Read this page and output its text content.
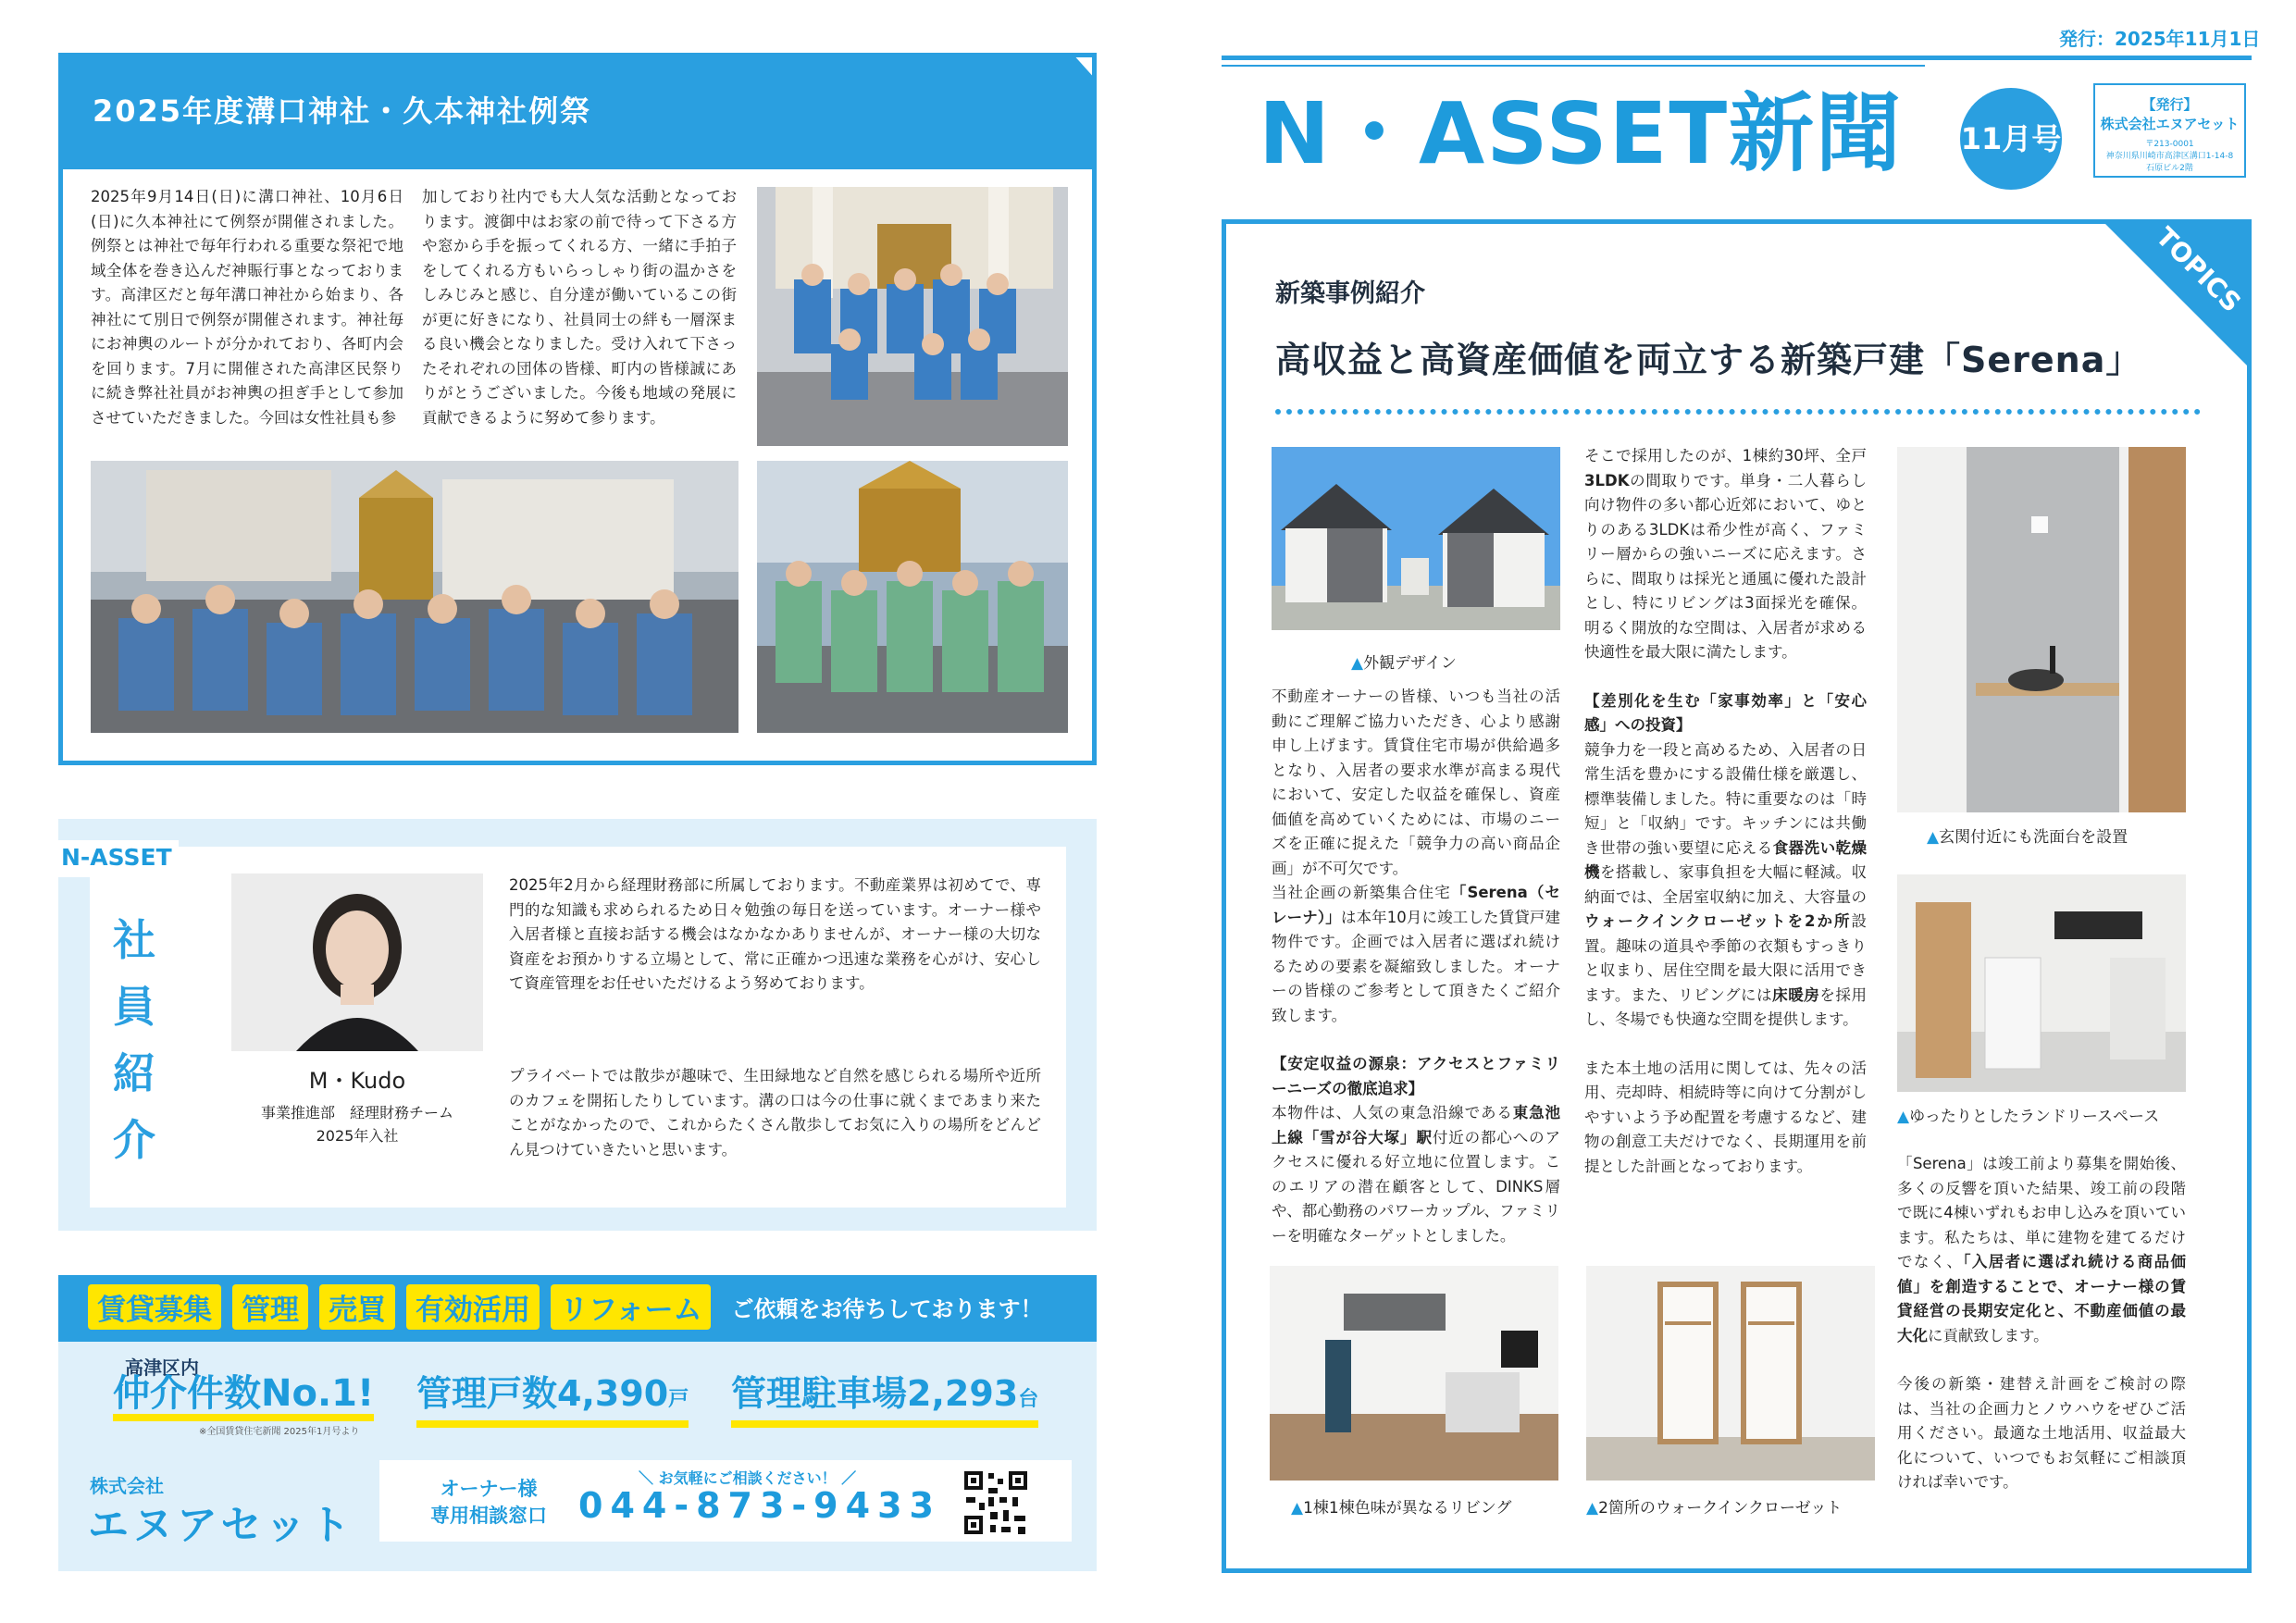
2025年度溝口神社・久本神社例祭
2025年9月14日(日)に溝口神社、10月6日(日)に久本神社にて例祭が開催されました。例祭とは神社で毎年行われる重要な祭祀で地域全体を巻き込んだ神賑行事となっております。高津区だと毎年溝口神社から始まり、各神社にて別日で例祭が開催されます。神社毎にお神輿のルートが分かれており、各町内会を回ります。7月に開催された高津区民祭りに続き弊社社員がお神輿の担ぎ手として参加させていただきました。今回は女性社員も参
加しており社内でも大人気な活動となっております。渡御中はお家の前で待って下さる方や窓から手を振ってくれる方、一緒に手拍子をしてくれる方もいらっしゃり街の温かさをしみじみと感じ、自分達が働いているこの街が更に好きになり、社員同士の絆も一層深まる良い機会となりました。受け入れて下さったそれぞれの団体の皆様、町内の皆様誠にありがとうございました。今後も地域の発展に貢献できるように努めて参ります。
N-ASSET
社
員
紹
介
M・Kudo
事業推進部　経理財務チーム
2025年入社
2025年2月から経理財務部に所属しております。不動産業界は初めてで、専門的な知識も求められるため日々勉強の毎日を送っています。オーナー様や入居者様と直接お話する機会はなかなかありませんが、オーナー様の大切な資産をお預かりする立場として、常に正確かつ迅速な業務を心がけ、安心して資産管理をお任せいただけるよう努めております。
プライベートでは散歩が趣味で、生田緑地など自然を感じられる場所や近所のカフェを開拓したりしています。溝の口は今の仕事に就くまであまり来たことがなかったので、これからたくさん散歩してお気に入りの場所をどんどん見つけていきたいと思います。
賃貸募集	管理	売買	有効活用	リフォーム	ご依頼をお待ちしております！
高津区内
仲介件数No.1!
※全国賃貸住宅新聞 2025年1月号より
管理戸数4,390戸 管理駐車場2,293台
株式会社
エヌアセット
オーナー様
専用相談窓口
＼ お気軽にご相談ください！ ／
044-873-9433
発行：2025年11月1日
N・ASSET新聞 11月号
【発行】
株式会社エヌアセット
〒213-0001
神奈川県川崎市高津区溝口1-14-8
石原ビル2階
TOPICS
新築事例紹介
高収益と高資産価値を両立する新築戸建「Serena」
▲外観デザイン
不動産オーナーの皆様、いつも当社の活動にご理解ご協力いただき、心より感謝申し上げます。賃貸住宅市場が供給過多となり、入居者の要求水準が高まる現代において、安定した収益を確保し、資産価値を高めていくためには、市場のニーズを正確に捉えた「競争力の高い商品企画」が不可欠です。
当社企画の新築集合住宅「Serena（セレーナ）」は本年10月に竣工した賃貸戸建物件です。企画では入居者に選ばれ続けるための要素を凝縮致しました。オーナーの皆様のご参考として頂きたくご紹介致します。
【安定収益の源泉：アクセスとファミリーニーズの徹底追求】
本物件は、人気の東急沿線である東急池上線「雪が谷大塚」駅付近の都心へのアクセスに優れる好立地に位置します。このエリアの潜在顧客として、DINKS層や、都心勤務のパワーカップル、ファミリーを明確なターゲットとしました。
そこで採用したのが、1棟約30坪、全戸3LDKの間取りです。単身・二人暮らし向け物件の多い都心近郊において、ゆとりのある3LDKは希少性が高く、ファミリー層からの強いニーズに応えます。さらに、間取りは採光と通風に優れた設計とし、特にリビングは3面採光を確保。明るく開放的な空間は、入居者が求める快適性を最大限に満たします。
【差別化を生む「家事効率」と「安心感」への投資】
競争力を一段と高めるため、入居者の日常生活を豊かにする設備仕様を厳選し、標準装備しました。特に重要なのは「時短」と「収納」です。キッチンには共働き世帯の強い要望に応える食器洗い乾燥機を搭載し、家事負担を大幅に軽減。収納面では、全居室収納に加え、大容量のウォークインクローゼットを2か所設置。趣味の道具や季節の衣類もすっきりと収まり、居住空間を最大限に活用できます。また、リビングには床暖房を採用し、冬場でも快適な空間を提供します。
また本土地の活用に関しては、先々の活用、売却時、相続時等に向けて分割がしやすいよう予め配置を考慮するなど、建物の創意工夫だけでなく、長期運用を前提とした計画となっております。
▲玄関付近にも洗面台を設置
▲ゆったりとしたランドリースペース
「Serena」は竣工前より募集を開始後、多くの反響を頂いた結果、竣工前の段階で既に4棟いずれもお申し込みを頂いています。私たちは、単に建物を建てるだけでなく、「入居者に選ばれ続ける商品価値」を創造することで、オーナー様の賃貸経営の長期安定化と、不動産価値の最大化に貢献致します。
今後の新築・建替え計画をご検討の際は、当社の企画力とノウハウをぜひご活用ください。最適な土地活用、収益最大化について、いつでもお気軽にご相談頂ければ幸いです。
▲1棟1棟色味が異なるリビング	▲2箇所のウォークインクローゼット
